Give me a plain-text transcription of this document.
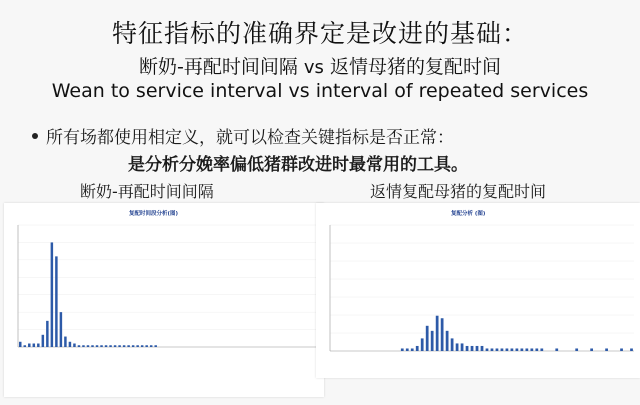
特征指标的准确界定是改进的基础：
断奶-再配时间间隔 vs 返情母猪的复配时间
Wean to service interval vs interval of repeated services
所有场都使用相定义，就可以检查关键指标是否正常：
是分析分娩率偏低猪群改进时最常用的工具。
断奶-再配时间间隔	返情复配母猪的复配时间
复配时间段分析(图)	复配分析 (图)
